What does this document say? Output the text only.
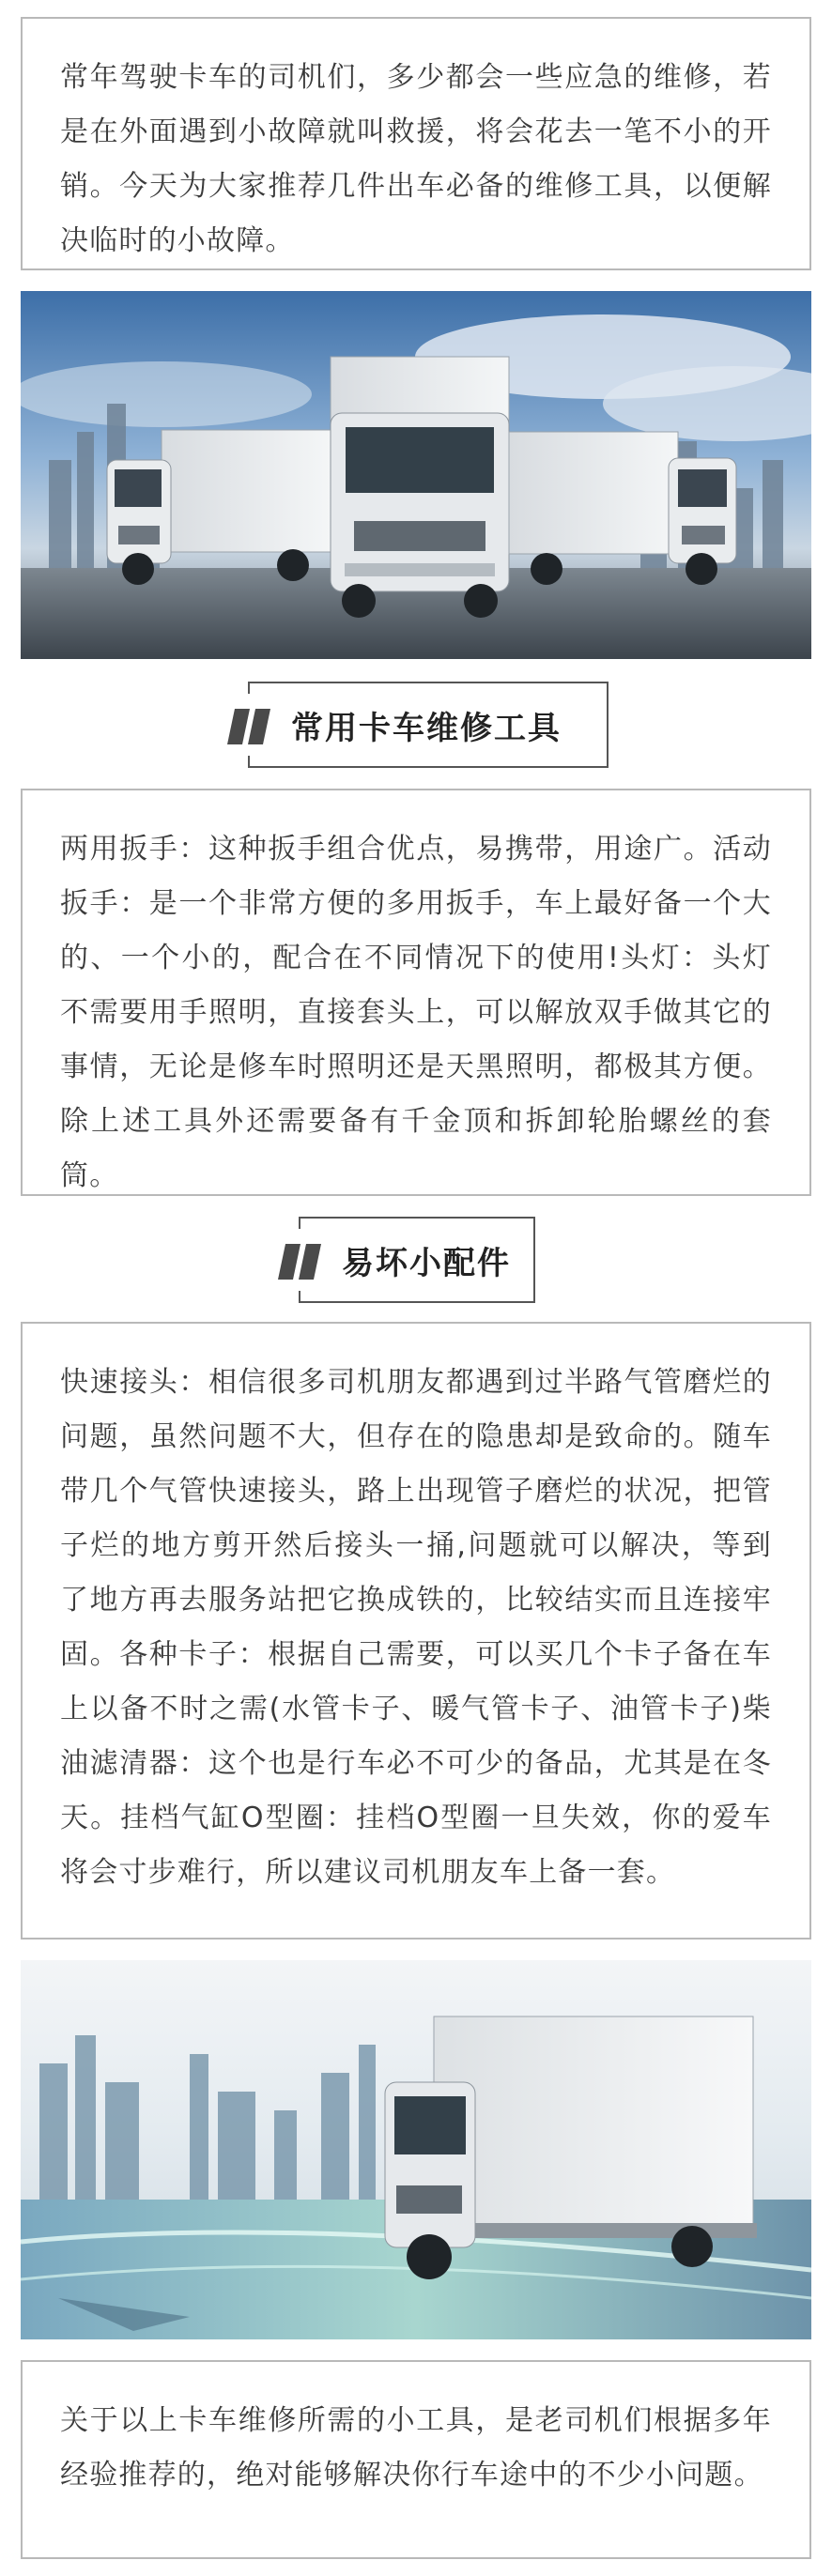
常年驾驶卡车的司机们，多少都会一些应急的维修，若是在外面遇到小故障就叫救援，将会花去一笔不小的开销。今天为大家推荐几件出车必备的维修工具，以便解决临时的小故障。

常用卡车维修工具

两用扳手：这种扳手组合优点，易携带，用途广。活动扳手：是一个非常方便的多用扳手，车上最好备一个大的、一个小的，配合在不同情况下的使用!头灯：头灯不需要用手照明，直接套头上，可以解放双手做其它的事情，无论是修车时照明还是天黑照明，都极其方便。除上述工具外还需要备有千金顶和拆卸轮胎螺丝的套筒。

易坏小配件

快速接头：相信很多司机朋友都遇到过半路气管磨烂的问题，虽然问题不大，但存在的隐患却是致命的。随车带几个气管快速接头，路上出现管子磨烂的状况，把管子烂的地方剪开然后接头一捅,问题就可以解决，等到了地方再去服务站把它换成铁的，比较结实而且连接牢固。各种卡子：根据自己需要，可以买几个卡子备在车上以备不时之需(水管卡子、暖气管卡子、油管卡子)柴油滤清器：这个也是行车必不可少的备品，尤其是在冬天。挂档气缸O型圈：挂档O型圈一旦失效，你的爱车将会寸步难行，所以建议司机朋友车上备一套。

关于以上卡车维修所需的小工具，是老司机们根据多年经验推荐的，绝对能够解决你行车途中的不少小问题。
